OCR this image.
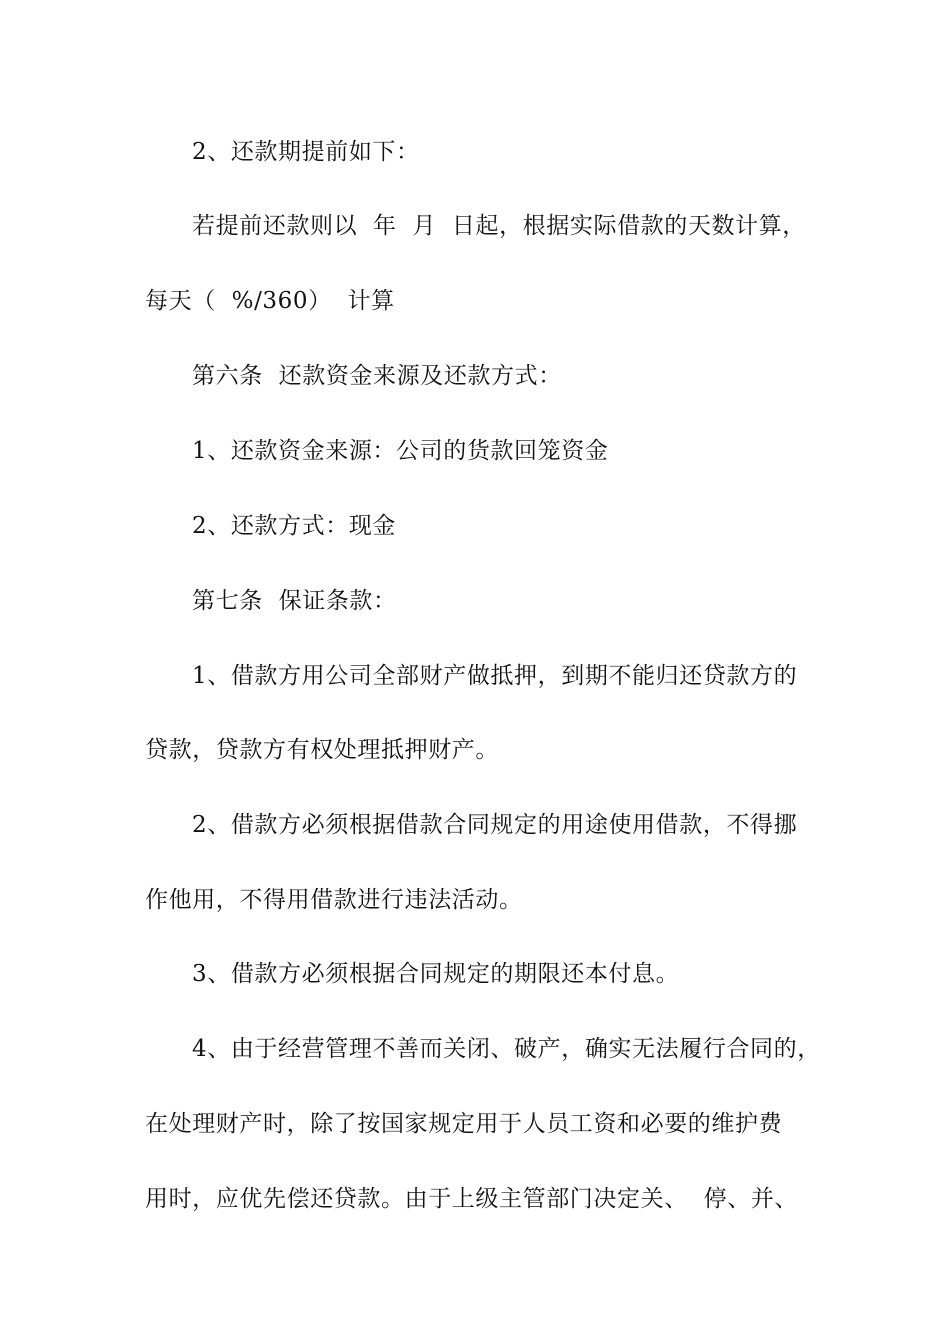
2、还款期提前如下：
若提前还款则以  年  月  日起，根据实际借款的天数计算，
每天（  %/360）  计算
第六条  还款资金来源及还款方式：
1、还款资金来源：公司的货款回笼资金
2、还款方式：现金
第七条  保证条款：
1、借款方用公司全部财产做抵押，到期不能归还贷款方的
贷款，贷款方有权处理抵押财产。
2、借款方必须根据借款合同规定的用途使用借款，不得挪
作他用，不得用借款进行违法活动。
3、借款方必须根据合同规定的期限还本付息。
4、由于经营管理不善而关闭、破产，确实无法履行合同的，
在处理财产时，除了按国家规定用于人员工资和必要的维护费
用时，应优先偿还贷款。由于上级主管部门决定关、  停、并、
